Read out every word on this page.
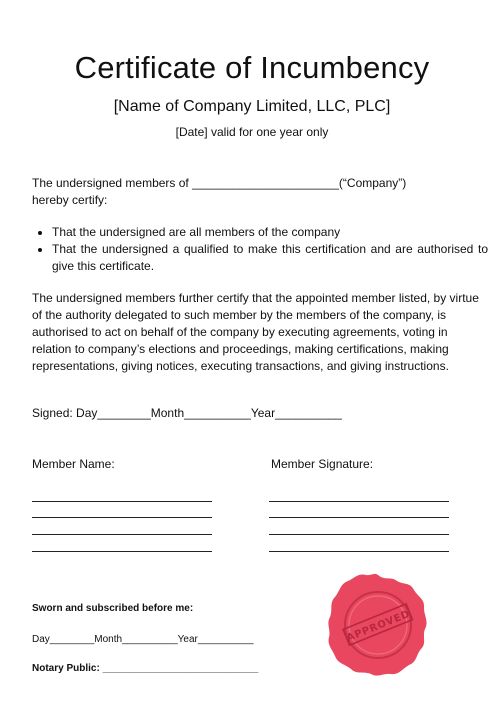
Certificate of Incumbency

[Name of Company Limited, LLC, PLC]

[Date] valid for one year only

The undersigned members of ______________________(“Company”)
hereby certify:
That the undersigned are all members of the company
That the undersigned a qualified to make this certification and are authorised to give this certificate.

The undersigned members further certify that the appointed member listed, by virtue of the authority delegated to such member by the members of the company, is authorised to act on behalf of the company by executing agreements, voting in relation to company’s elections and proceedings, making certifications, making representations, giving notices, executing transactions, and giving instructions.

Signed: Day________Month__________Year__________

Member Name:	Member Signature:

Sworn and subscribed before me:

Day________Month__________Year__________

Notary Public: ____________________________

APPROVED
